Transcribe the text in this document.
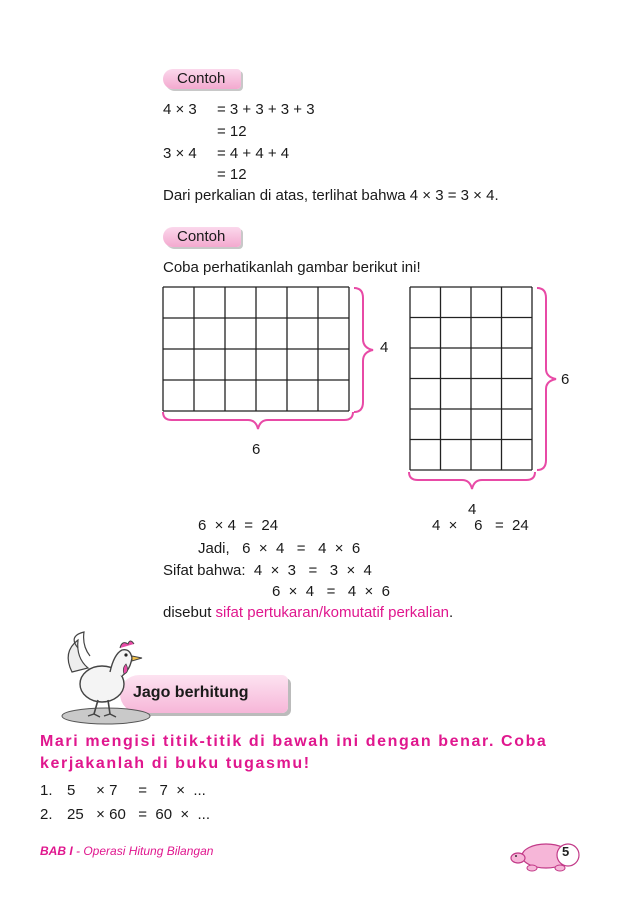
Contoh
4 × 3 = 3 + 3 + 3 + 3
= 12
3 × 4 = 4 + 4 + 4
= 12
Dari perkalian di atas, terlihat bahwa 4 × 3 = 3 × 4.
Contoh
Coba perhatikanlah gambar berikut ini!
6
4
4
6
6  × 4  =  24	4  ×    6   =  24
Jadi,   6  ×  4   =   4  ×  6
Sifat bahwa:  4  ×  3   =   3  ×  4
6  ×  4   =   4  ×  6
disebut sifat pertukaran/komutatif perkalian.
Jago berhitung
Mari mengisi titik-titik di bawah ini dengan benar. Coba kerjakanlah di buku tugasmu!
1. 5     × 7     =   7  ×  ...
2. 25   × 60   =  60  ×  ...
BAB I - Operasi Hitung Bilangan	5
